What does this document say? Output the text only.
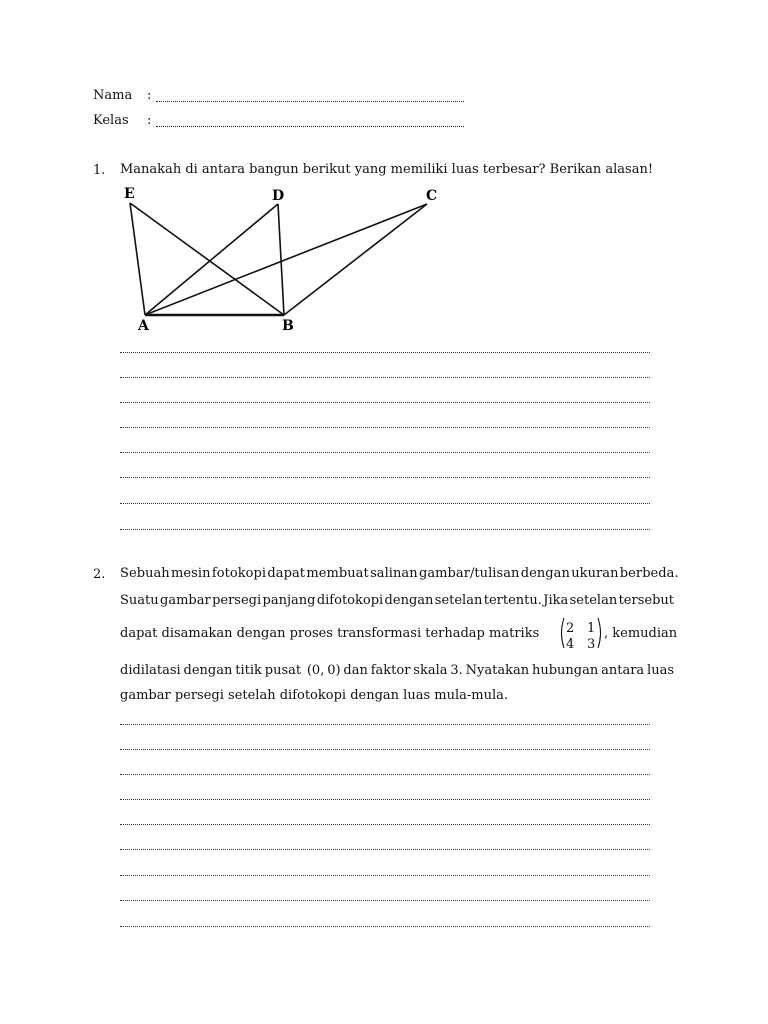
Nama :
Kelas :
1. Manakah di antara bangun berikut yang memiliki luas terbesar? Berikan alasan!
E	D	C
A	B
2. Sebuah mesin fotokopi dapat membuat salinan gambar/tulisan dengan ukuran berbeda.
Suatu gambar persegi panjang difotokopi dengan setelan tertentu. Jika setelan tersebut
dapat disamakan dengan proses transformasi terhadap matriks 2 1
4 3
, kemudian
didilatasi dengan titik pusat  (0, 0) dan faktor skala 3. Nyatakan hubungan antara luas
gambar persegi setelah difotokopi dengan luas mula-mula.
